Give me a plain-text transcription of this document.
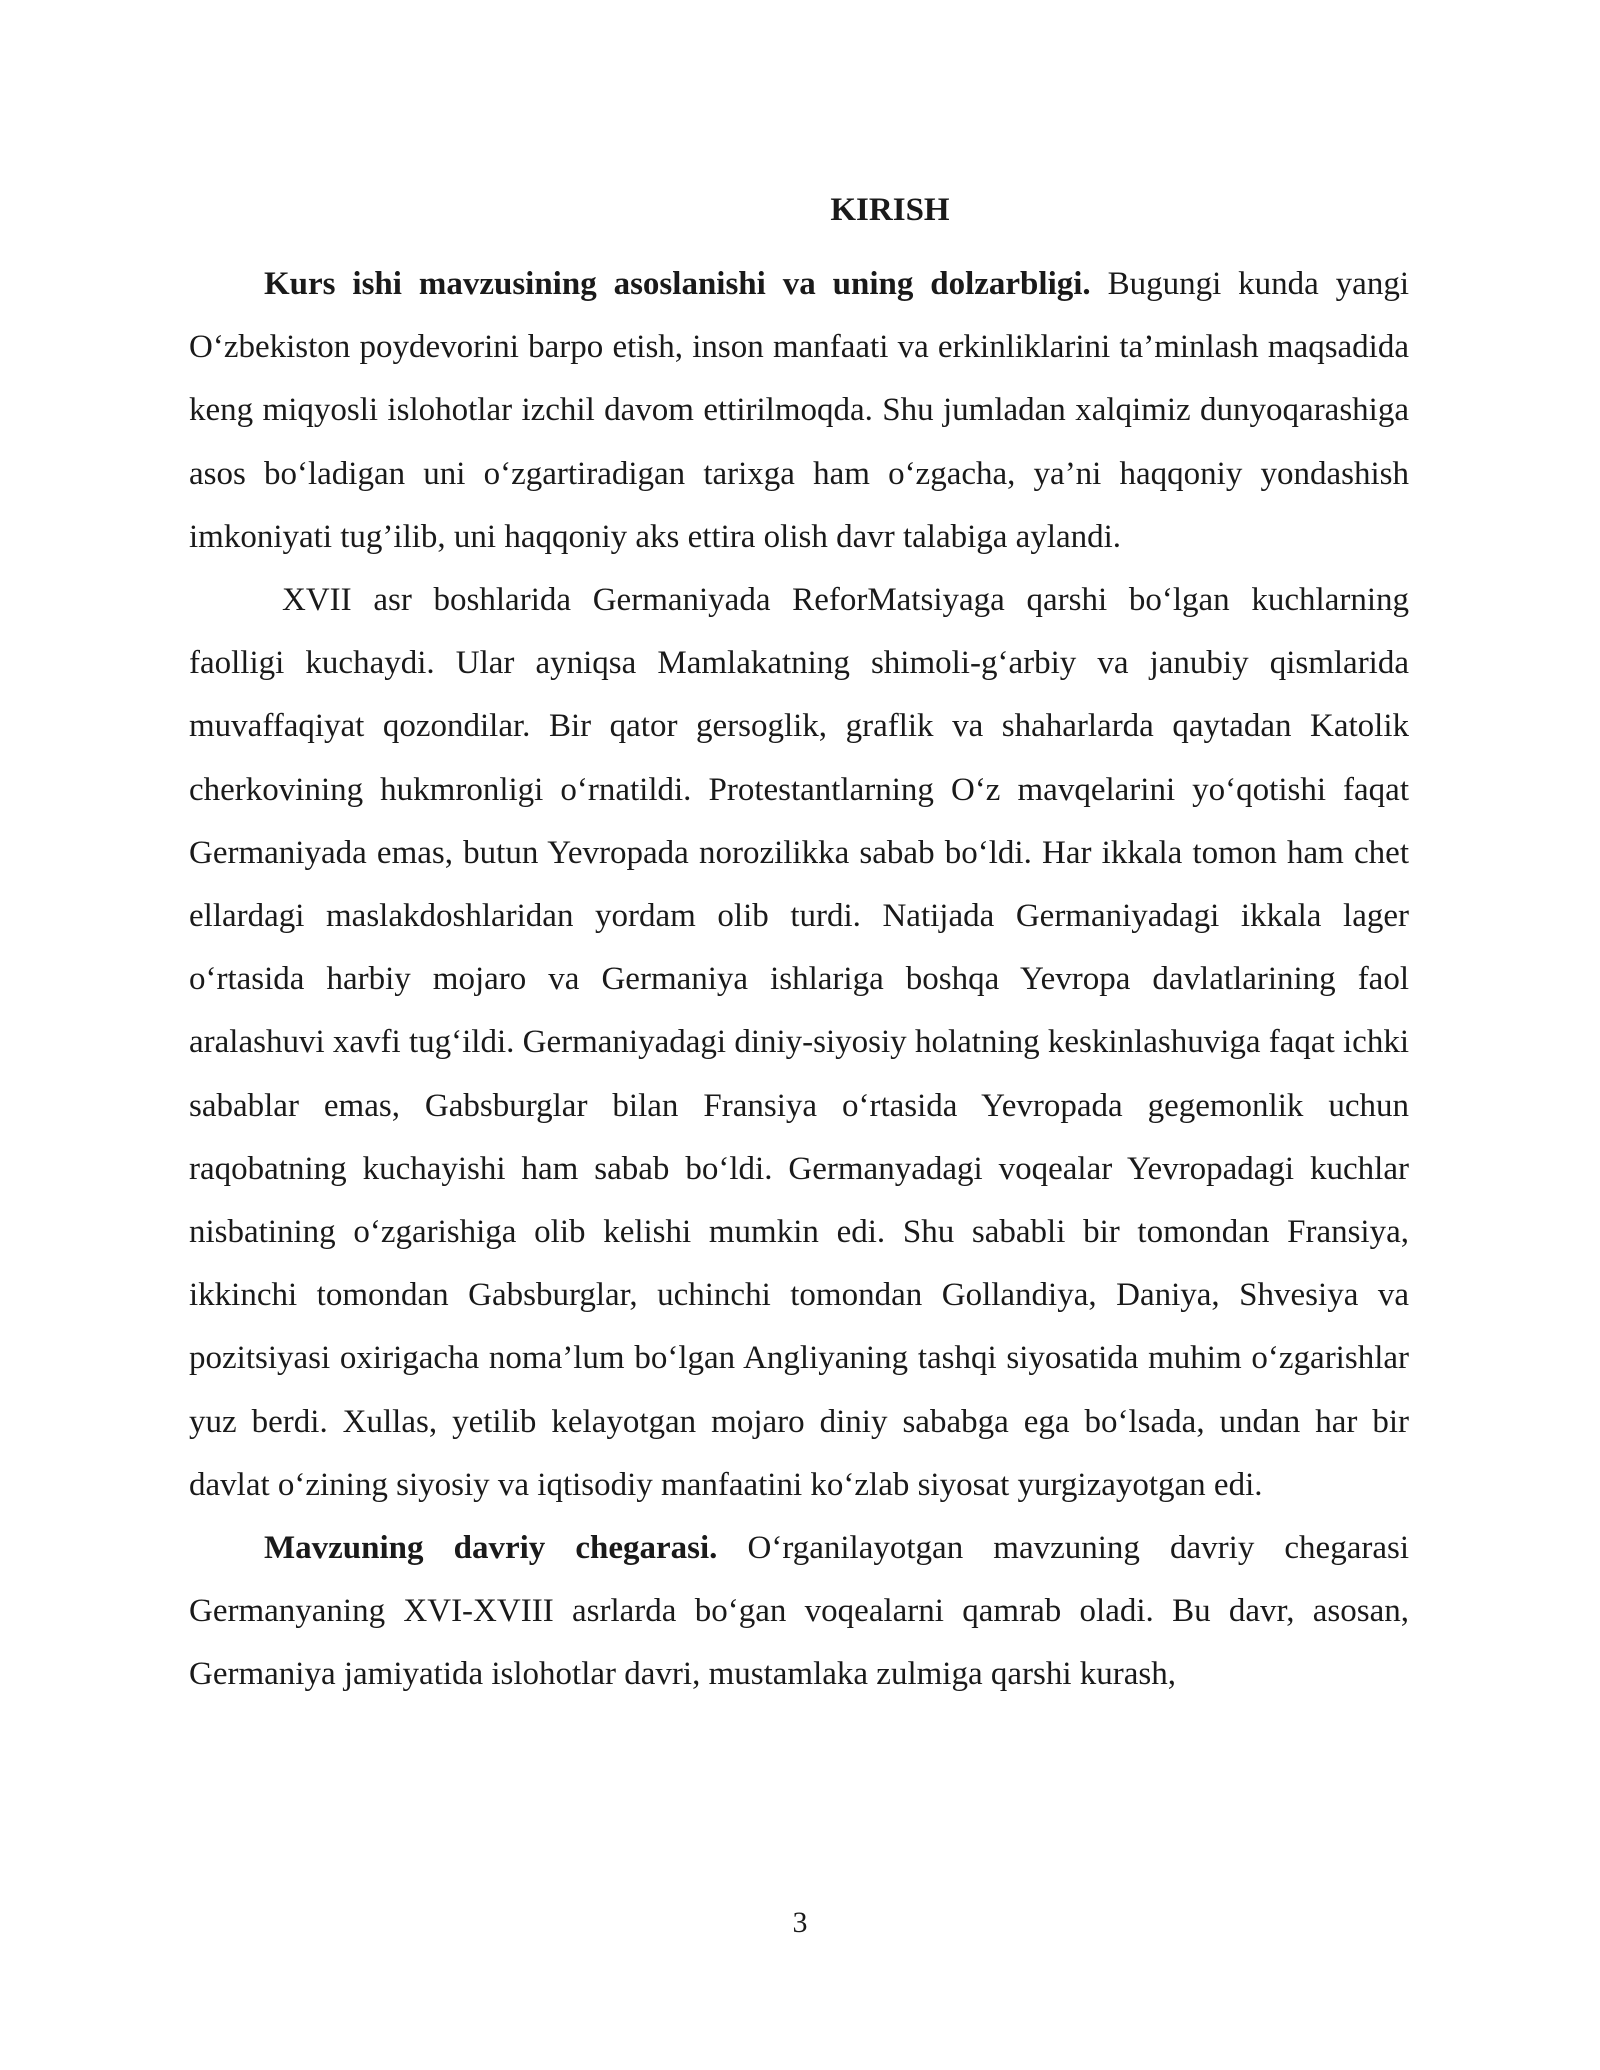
KIRISH

Kurs ishi mavzusining asoslanishi va uning dolzarbligi. Bugungi kunda yangi O‘zbekiston poydevorini barpo etish, inson manfaati va erkinliklarini ta’minlash maqsadida keng miqyosli islohotlar izchil davom ettirilmoqda. Shu jumladan xalqimiz dunyoqarashiga asos bo‘ladigan uni o‘zgartiradigan tarixga ham o‘zgacha, ya’ni haqqoniy yondashish imkoniyati tug’ilib, uni haqqoniy aks ettira olish davr talabiga aylandi.

XVII asr boshlarida Germaniyada ReforMatsiyaga qarshi bo‘lgan kuchlarning faolligi kuchaydi. Ular ayniqsa Mamlakatning shimoli-g‘arbiy va janubiy qismlarida muvaffaqiyat qozondilar. Bir qator gersoglik, graflik va shaharlarda qaytadan Katolik cherkovining hukmronligi o‘rnatildi. Protestantlarning O‘z mavqelarini yo‘qotishi faqat Germaniyada emas, butun Yevropada norozilikka sabab bo‘ldi. Har ikkala tomon ham chet ellardagi maslakdoshlaridan yordam olib turdi. Natijada Germaniyadagi ikkala lager o‘rtasida harbiy mojaro va Germaniya ishlariga boshqa Yevropa davlatlarining faol aralashuvi xavfi tug‘ildi. Germaniyadagi diniy-siyosiy holatning keskinlashuviga faqat ichki sabablar emas, Gabsburglar bilan Fransiya o‘rtasida Yevropada gegemonlik uchun raqobatning kuchayishi ham sabab bo‘ldi. Germanyadagi voqealar Yevropadagi kuchlar nisbatining o‘zgarishiga olib kelishi mumkin edi. Shu sababli bir tomondan Fransiya, ikkinchi tomondan Gabsburglar, uchinchi tomondan Gollandiya, Daniya, Shvesiya va pozitsiyasi oxirigacha noma’lum bo‘lgan Angliyaning tashqi siyosatida muhim o‘zgarishlar yuz berdi. Xullas, yetilib kelayotgan mojaro diniy sababga ega bo‘lsada, undan har bir davlat o‘zining siyosiy va iqtisodiy manfaatini ko‘zlab siyosat yurgizayotgan edi.

Mavzuning davriy chegarasi. O‘rganilayotgan mavzuning davriy chegarasi Germanyaning XVI-XVIII asrlarda bo‘gan voqealarni qamrab oladi. Bu davr, asosan, Germaniya jamiyatida islohotlar davri, mustamlaka zulmiga qarshi kurash,

3
